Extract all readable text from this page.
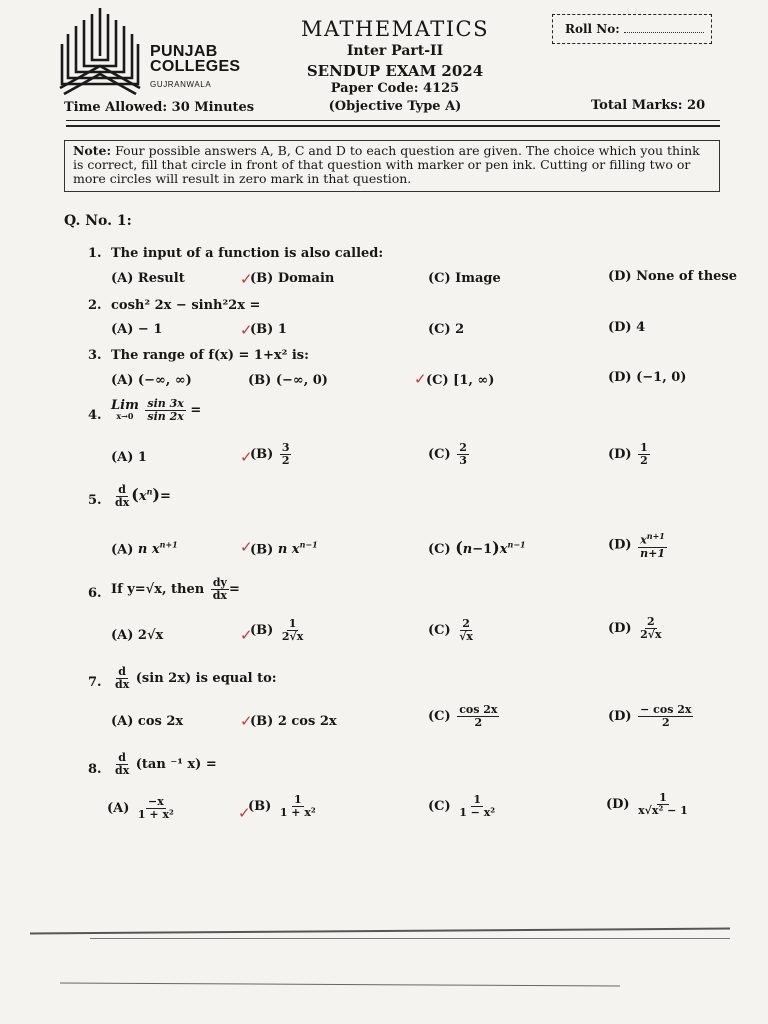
PUNJAB
COLLEGES
GUJRANWALA
MATHEMATICS
Inter Part-II
SENDUP EXAM 2024
Paper Code: 4125
(Objective Type A)
Roll No:
Time Allowed: 30 Minutes	Total Marks: 20
Note: Four possible answers A, B, C and D to each question are given. The choice which you think is correct, fill that circle in front of that question with marker or pen ink. Cutting or filling two or more circles will result in zero mark in that question.
Q. No. 1:
1. The input of a function is also called:
(A) Result	✓
(B) Domain	(C) Image	(D) None of these
2. cosh² 2x − sinh²2x =
(A) − 1	✓
(B) 1	(C) 2	(D) 4
3. The range of f(x) = 1+x² is:
(A) (−∞, ∞)	(B) (−∞, 0)	✓ (C) [1, ∞)	(D) (−1, 0)
4.
Lim
x→0
$\frac{\sin 3x}{\sin 2x}$ =
(A) 1	✓
$(B) \frac{3}{2}$	$(C) \frac{2}{3}$	$(D) \frac{1}{2}$
5. $\frac{d}{dx} (x^n)=$
(A) n $x^{n+1}$	✓
(B) n $x^{n-1}$	(C) $(n-1)x^{n-1}$	$(D) \frac{x^{n+1}}{n+1}$
6. If y=√x, then $\frac{dy}{dx}$ =
(A) 2√x	✓
$(B) \frac{1}{2√x}$	$(C) \frac{2}{√x}$	$(D) \frac{2}{2√x}$
7. $\frac{d}{dx} (\sin$ 2x) is equal to:
(A) cos 2x	✓
(B) 2 cos 2x	$(C) \frac{\cos 2x}{2}$	$(D) \frac{- \cos 2x}{2}$
8. $\frac{d}{dx} (\tan$ ⁻¹ x) =
$(A) \frac{-x}{\text{1 + x²}}$	✓
$(B) \frac{1}{\text{1 + x²}}$	$(C) \frac{1}{\text{1 − x²}}$	$(D) \frac{1}{\text{x√x² − 1}}$
